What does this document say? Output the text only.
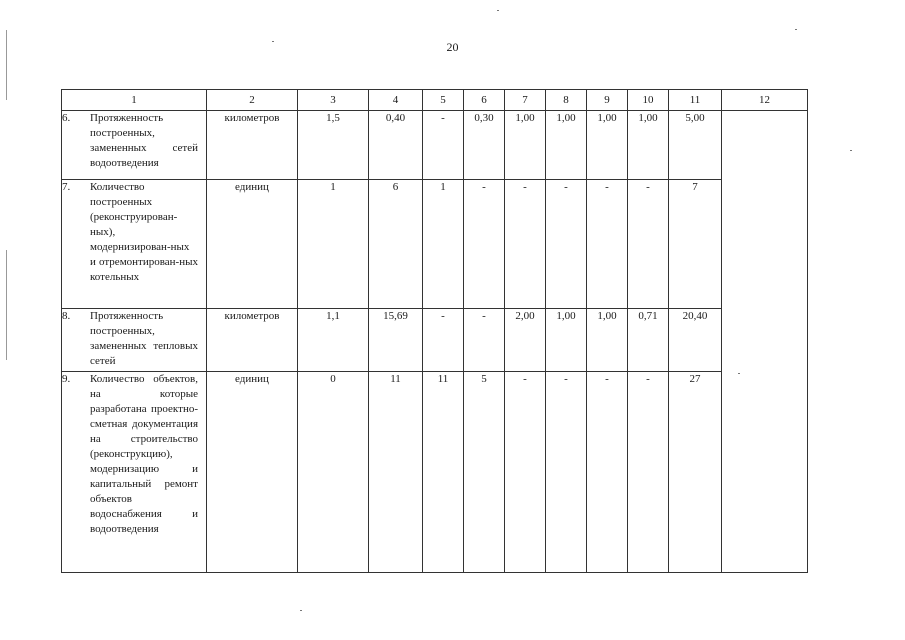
20
1	2	3	4	5	6	7	8	9	10	11	12
6. Протяженность построенных, замененных сетей водоотведения	километров	1,5	0,40	-	0,30	1,00	1,00	1,00	1,00	5,00	
7. Количество построенных (реконструирован-ных), модернизирован-ных и отремонтирован-ных котельных	единиц	1	6	1	-	-	-	-	-	7	
8. Протяженность построенных, замененных тепловых сетей	километров	1,1	15,69	-	-	2,00	1,00	1,00	0,71	20,40	
9. Количество объектов, на которые разработана проектно-сметная документация на строительство (реконструкцию), модернизацию и капитальный ремонт объектов водоснабжения и водоотведения	единиц	0	11	11	5	-	-	-	-	27	
